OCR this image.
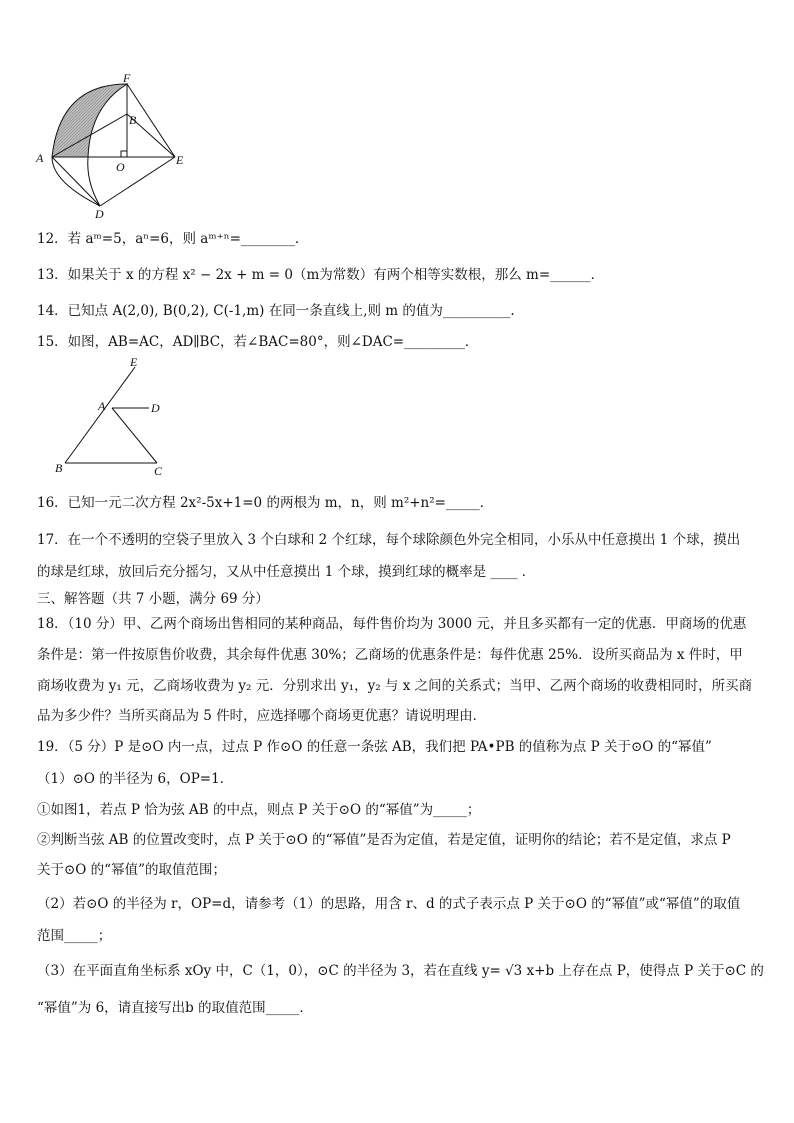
F
B
A
O	E
D
12．若 aᵐ=5，aⁿ=6，则 aᵐ⁺ⁿ=________．
13．如果关于 x 的方程 x² − 2x + m = 0（m为常数）有两个相等实数根，那么 m=______．
14．已知点 A(2,0), B(0,2), C(-1,m) 在同一条直线上,则 m 的值为__________.
15．如图，AB=AC，AD∥BC，若∠BAC=80°，则∠DAC=_________．
E
A	D
B	C
16．已知一元二次方程 2x²-5x+1=0 的两根为 m，n，则 m²+n²=_____．
17．在一个不透明的空袋子里放入 3 个白球和 2 个红球，每个球除颜色外完全相同，小乐从中任意摸出 1 个球，摸出
的球是红球，放回后充分摇匀，又从中任意摸出 1 个球，摸到红球的概率是 ____ ．
三、解答题（共 7 小题，满分 69 分）
18．（10 分）甲、乙两个商场出售相同的某种商品，每件售价均为 3000 元，并且多买都有一定的优惠．甲商场的优惠
条件是：第一件按原售价收费，其余每件优惠 30%；乙商场的优惠条件是：每件优惠 25%．设所买商品为 x 件时，甲
商场收费为 y₁ 元，乙商场收费为 y₂ 元．分别求出 y₁，y₂ 与 x 之间的关系式；当甲、乙两个商场的收费相同时，所买商
品为多少件？当所买商品为 5 件时，应选择哪个商场更优惠？请说明理由．
19．（5 分）P 是⊙O 内一点，过点 P 作⊙O 的任意一条弦 AB，我们把 PA•PB 的值称为点 P 关于⊙O 的“幂值”
（1）⊙O 的半径为 6，OP=1．
①如图1，若点 P 恰为弦 AB 的中点，则点 P 关于⊙O 的“幂值”为_____；
②判断当弦 AB 的位置改变时，点 P 关于⊙O 的“幂值”是否为定值，若是定值，证明你的结论；若不是定值，求点 P
关于⊙O 的“幂值”的取值范围；
（2）若⊙O 的半径为 r，OP=d，请参考（1）的思路，用含 r、d 的式子表示点 P 关于⊙O 的“幂值”或“幂值”的取值
范围_____；
（3）在平面直角坐标系 xOy 中，C（1，0），⊙C 的半径为 3，若在直线 y= √3 x+b 上存在点 P，使得点 P 关于⊙C 的
“幂值”为 6，请直接写出b 的取值范围_____．
